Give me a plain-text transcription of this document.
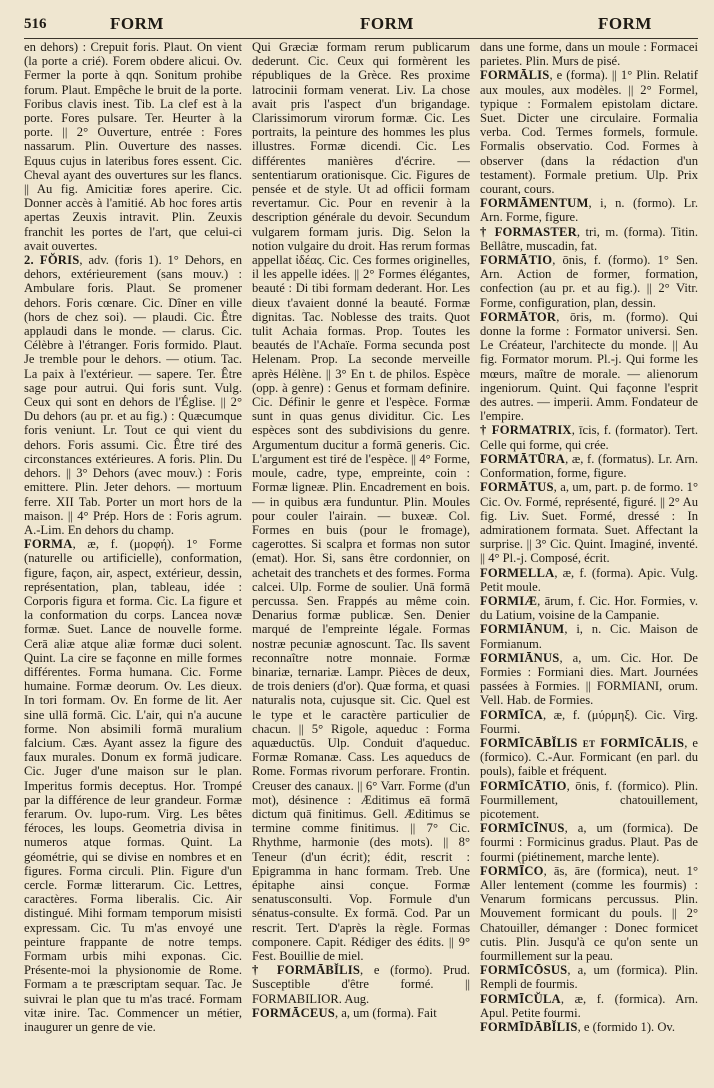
516	FORM	FORM	FORM

en dehors) : Crepuit foris. Plaut. On vient (la porte a crié). Forem obdere alicui. Ov. Fermer la porte à qqn. Sonitum prohibe forum. Plaut. Empêche le bruit de la porte. Foribus clavis inest. Tib. La clef est à la porte. Fores pulsare. Ter. Heurter à la porte. || 2° Ouverture, entrée : Fores nassarum. Plin. Ouverture des nasses. Equus cujus in lateribus fores essent. Cic. Cheval ayant des ouvertures sur les flancs. || Au fig. Amicitiæ fores aperire. Cic. Donner accès à l'amitié. Ab hoc fores artis apertas Zeuxis intravit. Plin. Zeuxis franchit les portes de l'art, que celui-ci avait ouvertes.

2. FŎRIS, adv. (foris 1). 1° Dehors, en dehors, extérieurement (sans mouv.) : Ambulare foris. Plaut. Se promener dehors. Foris cœnare. Cic. Dîner en ville (hors de chez soi). — plaudi. Cic. Être applaudi dans le monde. — clarus. Cic. Célèbre à l'étranger. Foris formido. Plaut. Je tremble pour le dehors. — otium. Tac. La paix à l'extérieur. — sapere. Ter. Être sage pour autrui. Qui foris sunt. Vulg. Ceux qui sont en dehors de l'Église. || 2° Du dehors (au pr. et au fig.) : Quæcumque foris veniunt. Lr. Tout ce qui vient du dehors. Foris assumi. Cic. Être tiré des circonstances extérieures. A foris. Plin. Du dehors. || 3° Dehors (avec mouv.) : Foris emittere. Plin. Jeter dehors. — mortuum ferre. XII Tab. Porter un mort hors de la maison. || 4° Prép. Hors de : Foris agrum. A.-Lim. En dehors du champ.

FORMA, æ, f. (μορφή). 1° Forme (naturelle ou artificielle), conformation, figure, façon, air, aspect, extérieur, dessin, représentation, plan, tableau, idée : Corporis figura et forma. Cic. La figure et la conformation du corps. Lancea novæ formæ. Suet. Lance de nouvelle forme. Cerā aliæ atque aliæ formæ duci solent. Quint. La cire se façonne en mille formes différentes. Forma humana. Cic. Forme humaine. Formæ deorum. Ov. Les dieux. In tori formam. Ov. En forme de lit. Aer sine ullā formā. Cic. L'air, qui n'a aucune forme. Non absimili formā muralium falcium. Cæs. Ayant assez la figure des faux murales. Donum ex formā judicare. Cic. Juger d'une maison sur le plan. Imperitus formis deceptus. Hor. Trompé par la différence de leur grandeur. Formæ ferarum. Ov. lupo-rum. Virg. Les bêtes féroces, les loups. Geometria divisa in numeros atque formas. Quint. La géométrie, qui se divise en nombres et en figures. Forma circuli. Plin. Figure d'un cercle. Formæ litterarum. Cic. Lettres, caractères. Forma liberalis. Cic. Air distingué. Mihi formam temporum misisti expressam. Cic. Tu m'as envoyé une peinture frappante de notre temps. Formam urbis mihi exponas. Cic. Présente-moi la physionomie de Rome. Formam a te præscriptam sequar. Tac. Je suivrai le plan que tu m'as tracé. Formam vitæ inire. Tac. Commencer un métier, inaugurer un genre de vie.

Qui Græciæ formam rerum publicarum dederunt. Cic. Ceux qui formèrent les républiques de la Grèce. Res proxime latrocinii formam venerat. Liv. La chose avait pris l'aspect d'un brigandage. Clarissimorum virorum formæ. Cic. Les portraits, la peinture des hommes les plus illustres. Formæ dicendi. Cic. Les différentes manières d'écrire. — sententiarum orationisque. Cic. Figures de pensée et de style. Ut ad officii formam revertamur. Cic. Pour en revenir à la description générale du devoir. Secundum vulgarem formam juris. Dig. Selon la notion vulgaire du droit. Has rerum formas appellat ἰδέας. Cic. Ces formes originelles, il les appelle idées. || 2° Formes élégantes, beauté : Di tibi formam dederant. Hor. Les dieux t'avaient donné la beauté. Formæ dignitas. Tac. Noblesse des traits. Quot tulit Achaia formas. Prop. Toutes les beautés de l'Achaïe. Forma secunda post Helenam. Prop. La seconde merveille après Hélène. || 3° En t. de philos. Espèce (opp. à genre) : Genus et formam definire. Cic. Définir le genre et l'espèce. Formæ sunt in quas genus dividitur. Cic. Les espèces sont des subdivisions du genre. Argumentum ducitur a formā generis. Cic. L'argument est tiré de l'espèce. || 4° Forme, moule, cadre, type, empreinte, coin : Formæ ligneæ. Plin. Encadrement en bois. — in quibus æra funduntur. Plin. Moules pour couler l'airain. — buxeæ. Col. Formes en buis (pour le fromage), cagerottes. Si scalpra et formas non sutor (emat). Hor. Si, sans être cordonnier, on achetait des tranchets et des formes. Forma calcei. Ulp. Forme de soulier. Unā formā percussa. Sen. Frappés au même coin. Denarius formæ publicæ. Sen. Denier marqué de l'empreinte légale. Formas nostræ pecuniæ agnoscunt. Tac. Ils savent reconnaître notre monnaie. Formæ binariæ, ternariæ. Lampr. Pièces de deux, de trois deniers (d'or). Quæ forma, et quasi naturalis nota, cujusque sit. Cic. Quel est le type et le caractère particulier de chacun. || 5° Rigole, aqueduc : Forma aquæductūs. Ulp. Conduit d'aqueduc. Formæ Romanæ. Cass. Les aqueducs de Rome. Formas rivorum perforare. Frontin. Creuser des canaux. || 6° Varr. Forme (d'un mot), désinence : Æditimus eā formā dictum quā finitimus. Gell. Æditimus se termine comme finitimus. || 7° Cic. Rhythme, harmonie (des mots). || 8° Teneur (d'un écrit); édit, rescrit : Epigramma in hanc formam. Treb. Une épitaphe ainsi conçue. Formæ senatusconsulti. Vop. Formule d'un sénatus-consulte. Ex formā. Cod. Par un rescrit. Tert. D'après la règle. Formas componere. Capit. Rédiger des édits. || 9° Fest. Bouillie de miel.

† FORMĀBĬLIS, e (formo). Prud. Susceptible d'être formé. || FORMABILIOR. Aug.

FORMĀCEUS, a, um (forma). Fait

dans une forme, dans un moule : Formacei parietes. Plin. Murs de pisé.

FORMĀLIS, e (forma). || 1° Plin. Relatif aux moules, aux modèles. || 2° Formel, typique : Formalem epistolam dictare. Suet. Dicter une circulaire. Formalia verba. Cod. Termes formels, formule. Formalis observatio. Cod. Formes à observer (dans la rédaction d'un testament). Formale pretium. Ulp. Prix courant, cours.

FORMĀMENTUM, i, n. (formo). Lr. Arn. Forme, figure.

† FORMASTER, tri, m. (forma). Titin. Bellâtre, muscadin, fat.

FORMĀTIO, ōnis, f. (formo). 1° Sen. Arn. Action de former, formation, confection (au pr. et au fig.). || 2° Vitr. Forme, configuration, plan, dessin.

FORMĀTOR, ōris, m. (formo). Qui donne la forme : Formator universi. Sen. Le Créateur, l'architecte du monde. || Au fig. Formator morum. Pl.-j. Qui forme les mœurs, maître de morale. — alienorum ingeniorum. Quint. Qui façonne l'esprit des autres. — imperii. Amm. Fondateur de l'empire.

† FORMATRIX, īcis, f. (formator). Tert. Celle qui forme, qui crée.

FORMĀTŪRA, æ, f. (formatus). Lr. Arn. Conformation, forme, figure.

FORMĀTUS, a, um, part. p. de formo. 1° Cic. Ov. Formé, représenté, figuré. || 2° Au fig. Liv. Suet. Formé, dressé : In admirationem formata. Suet. Affectant la surprise. || 3° Cic. Quint. Imaginé, inventé. || 4° Pl.-j. Composé, écrit.

FORMELLA, æ, f. (forma). Apic. Vulg. Petit moule.

FORMIÆ, ārum, f. Cic. Hor. Formies, v. du Latium, voisine de la Campanie.

FORMIĀNUM, i, n. Cic. Maison de Formianum.

FORMIĀNUS, a, um. Cic. Hor. De Formies : Formiani dies. Mart. Journées passées à Formies. || FORMIANI, orum. Vell. Hab. de Formies.

FORMĪCA, æ, f. (μύρμηξ). Cic. Virg. Fourmi.

FORMĪCĀBĬLIS et FORMĪCĀLIS, e (formico). C.-Aur. Formicant (en parl. du pouls), faible et fréquent.

FORMĪCĀTIO, ōnis, f. (formico). Plin. Fourmillement, chatouillement, picotement.

FORMĪCĪNUS, a, um (formica). De fourmi : Formicinus gradus. Plaut. Pas de fourmi (piétinement, marche lente).

FORMĪCO, ās, āre (formica), neut. 1° Aller lentement (comme les fourmis) : Venarum formicans percussus. Plin. Mouvement formicant du pouls. || 2° Chatouiller, démanger : Donec formicet cutis. Plin. Jusqu'à ce qu'on sente un fourmillement sur la peau.

FORMĪCŌSUS, a, um (formica). Plin. Rempli de fourmis.

FORMĪCŬLA, æ, f. (formica). Arn. Apul. Petite fourmi.

FORMĪDĀBĬLIS, e (formido 1). Ov.
